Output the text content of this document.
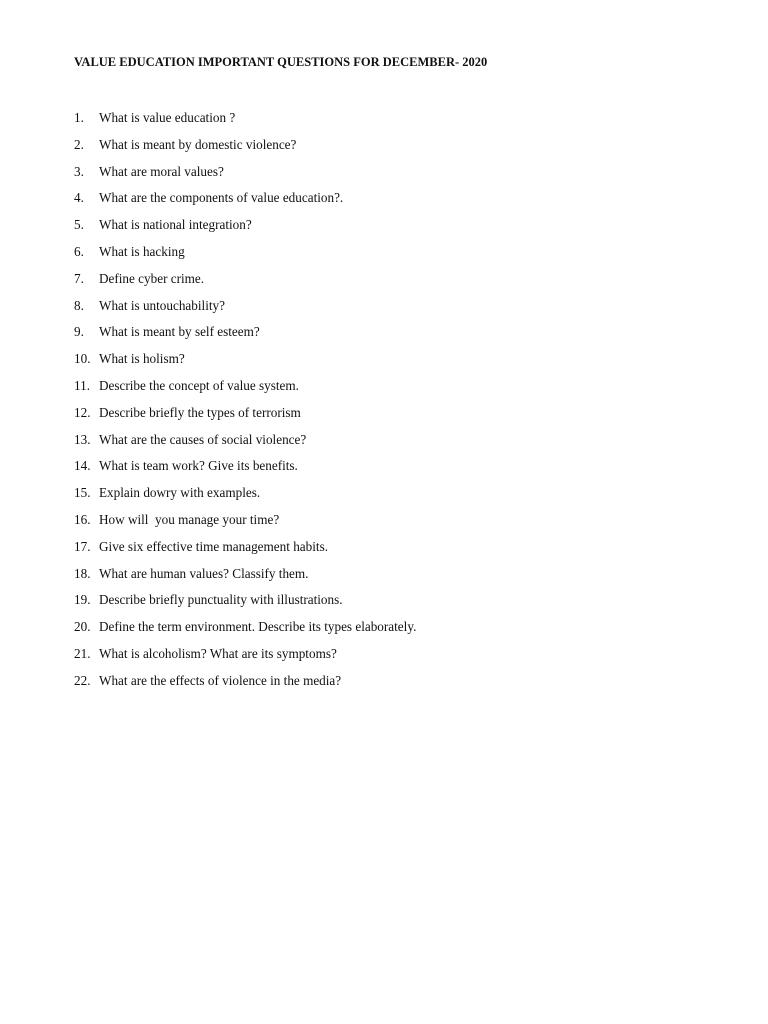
VALUE EDUCATION IMPORTANT QUESTIONS FOR DECEMBER- 2020
1. What is value education ?
2. What is meant by domestic violence?
3. What are moral values?
4. What are the components of value education?.
5. What is national integration?
6. What is hacking
7. Define cyber crime.
8. What is untouchability?
9. What is meant by self esteem?
10. What is holism?
11. Describe the concept of value system.
12. Describe briefly the types of terrorism
13. What are the causes of social violence?
14. What is team work? Give its benefits.
15. Explain dowry with examples.
16. How will  you manage your time?
17. Give six effective time management habits.
18. What are human values? Classify them.
19. Describe briefly punctuality with illustrations.
20. Define the term environment. Describe its types elaborately.
21. What is alcoholism? What are its symptoms?
22. What are the effects of violence in the media?
